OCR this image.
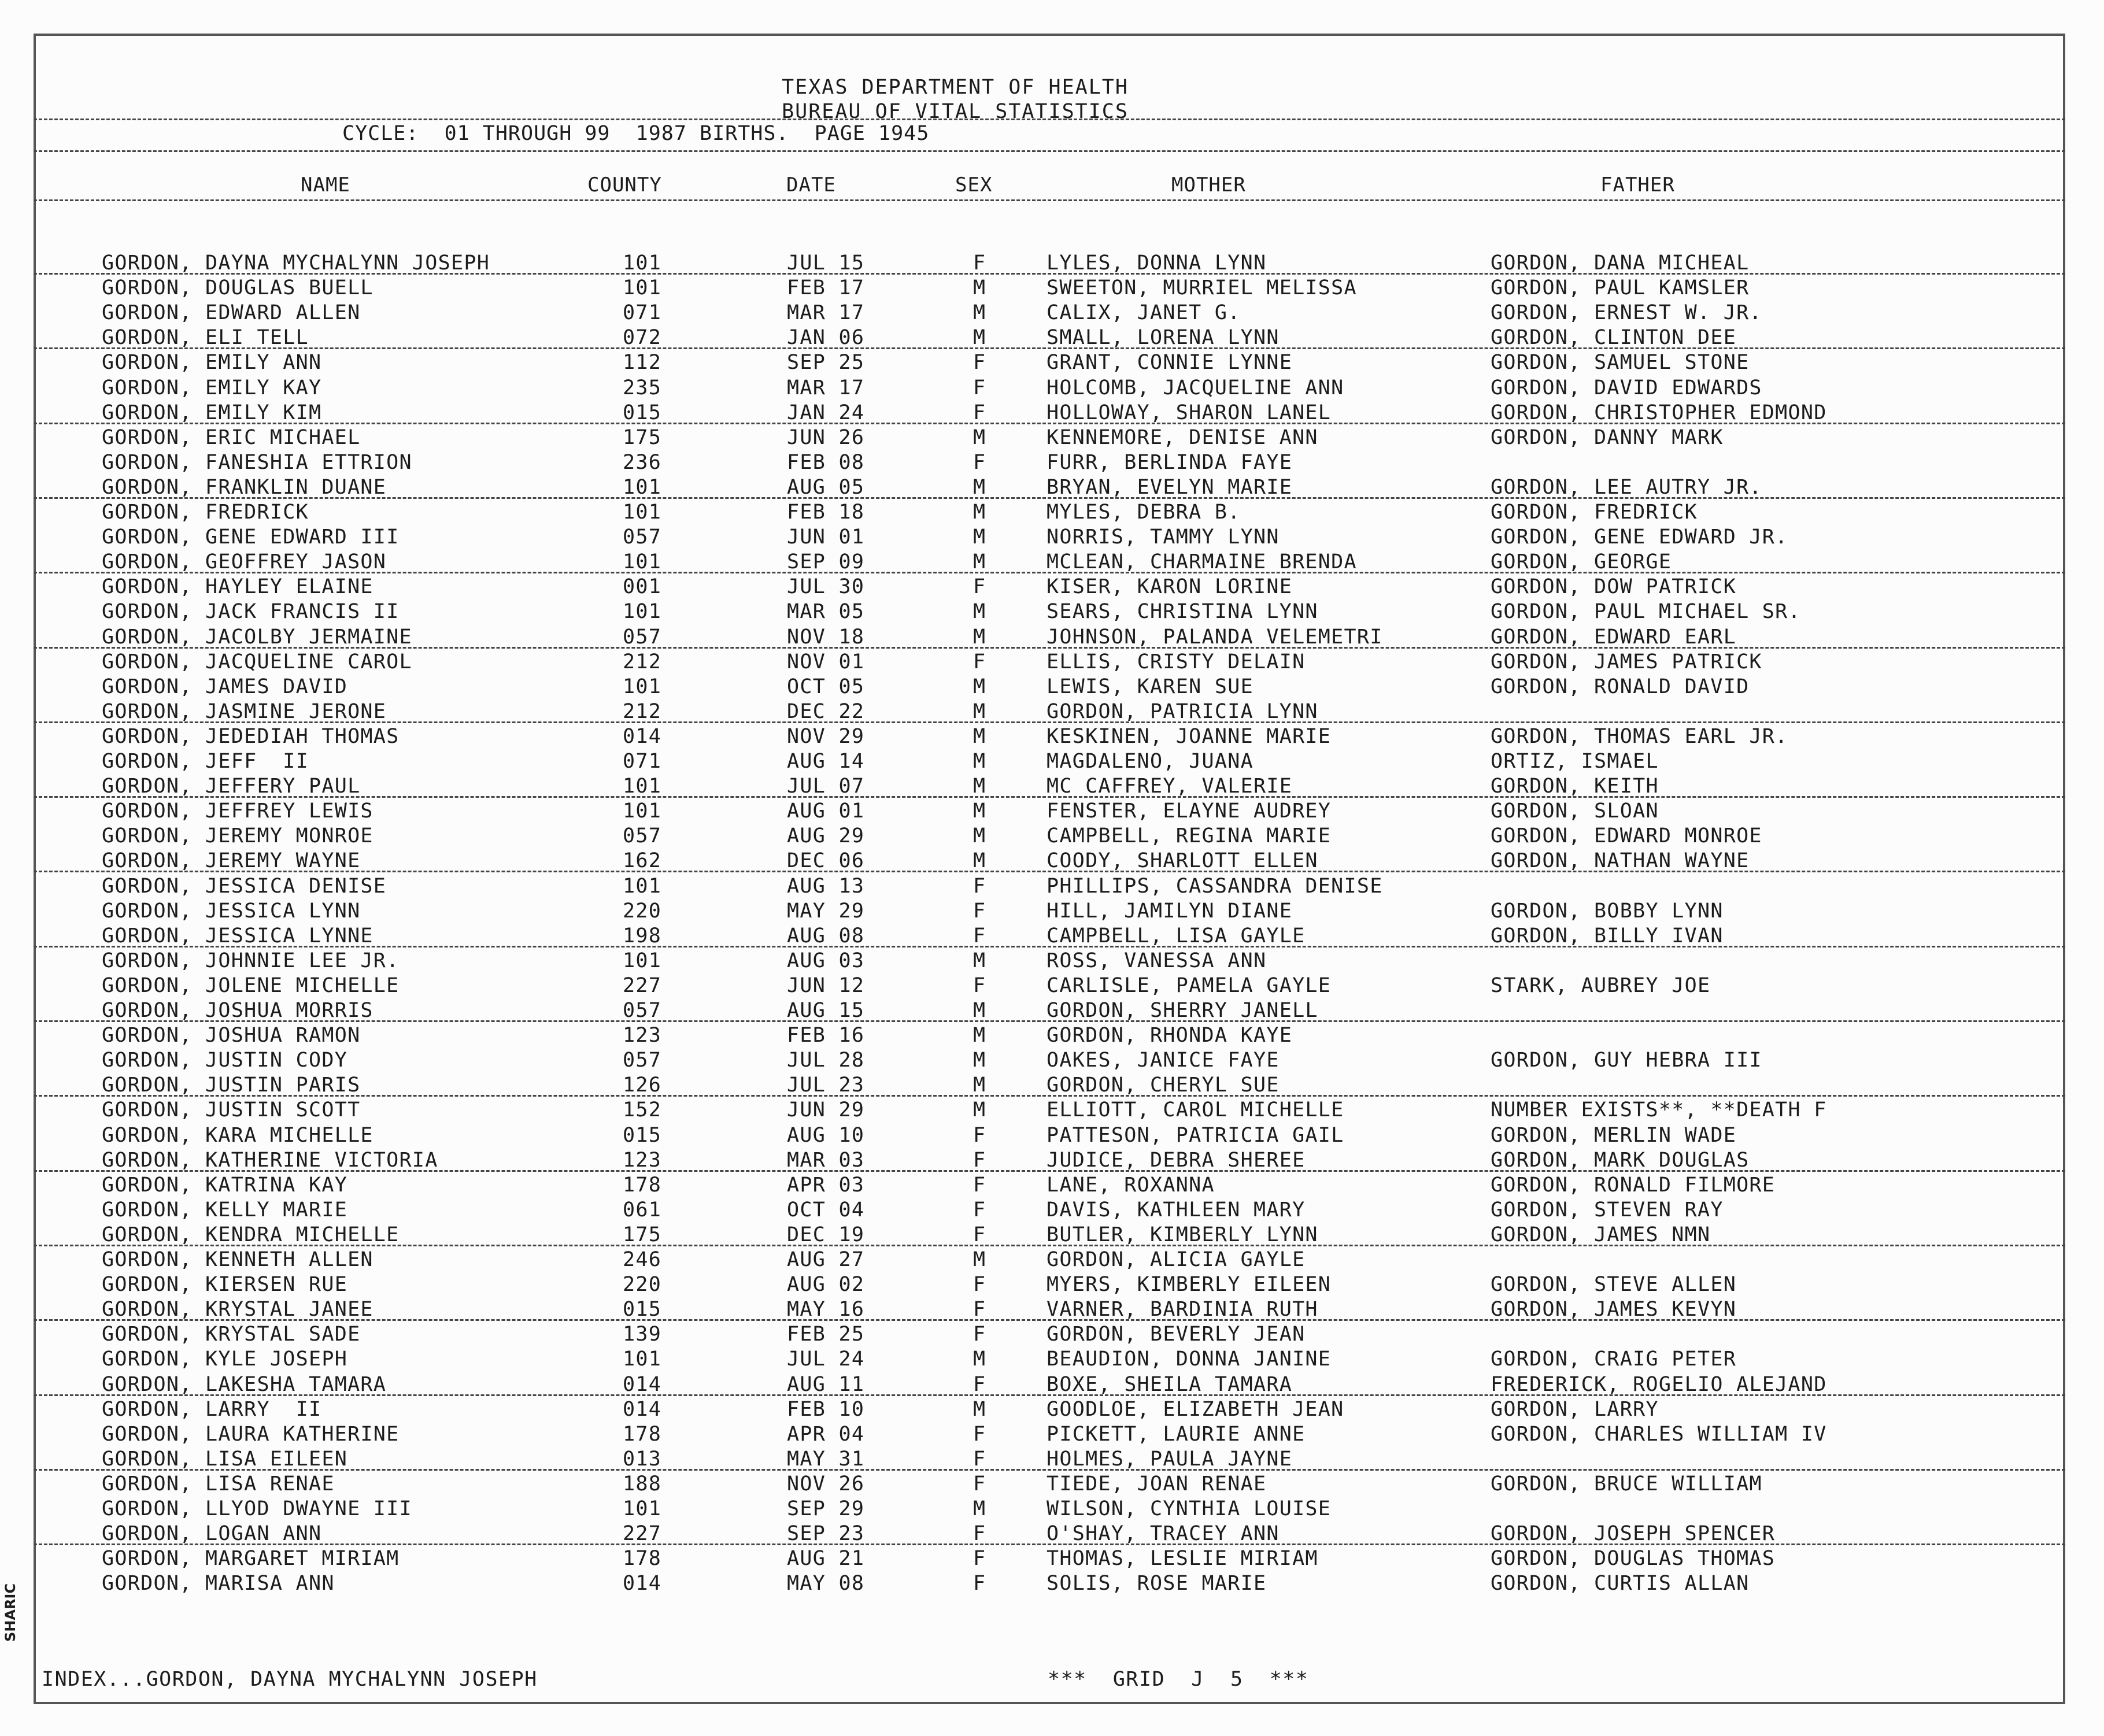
TEXAS DEPARTMENT OF HEALTH
BUREAU OF VITAL STATISTICS
CYCLE:  01 THROUGH 99  1987 BIRTHS.  PAGE 1945
NAME	COUNTY	DATE	SEX	MOTHER	FATHER
GORDON, DAYNA MYCHALYNN JOSEPH	101	JUL 15	F	LYLES, DONNA LYNN	GORDON, DANA MICHEAL
GORDON, DOUGLAS BUELL	101	FEB 17	M	SWEETON, MURRIEL MELISSA	GORDON, PAUL KAMSLER
GORDON, EDWARD ALLEN	071	MAR 17	M	CALIX, JANET G.	GORDON, ERNEST W. JR.
GORDON, ELI TELL	072	JAN 06	M	SMALL, LORENA LYNN	GORDON, CLINTON DEE
GORDON, EMILY ANN	112	SEP 25	F	GRANT, CONNIE LYNNE	GORDON, SAMUEL STONE
GORDON, EMILY KAY	235	MAR 17	F	HOLCOMB, JACQUELINE ANN	GORDON, DAVID EDWARDS
GORDON, EMILY KIM	015	JAN 24	F	HOLLOWAY, SHARON LANEL	GORDON, CHRISTOPHER EDMOND
GORDON, ERIC MICHAEL	175	JUN 26	M	KENNEMORE, DENISE ANN	GORDON, DANNY MARK
GORDON, FANESHIA ETTRION	236	FEB 08	F	FURR, BERLINDA FAYE
GORDON, FRANKLIN DUANE	101	AUG 05	M	BRYAN, EVELYN MARIE	GORDON, LEE AUTRY JR.
GORDON, FREDRICK	101	FEB 18	M	MYLES, DEBRA B.	GORDON, FREDRICK
GORDON, GENE EDWARD III	057	JUN 01	M	NORRIS, TAMMY LYNN	GORDON, GENE EDWARD JR.
GORDON, GEOFFREY JASON	101	SEP 09	M	MCLEAN, CHARMAINE BRENDA	GORDON, GEORGE
GORDON, HAYLEY ELAINE	001	JUL 30	F	KISER, KARON LORINE	GORDON, DOW PATRICK
GORDON, JACK FRANCIS II	101	MAR 05	M	SEARS, CHRISTINA LYNN	GORDON, PAUL MICHAEL SR.
GORDON, JACOLBY JERMAINE	057	NOV 18	M	JOHNSON, PALANDA VELEMETRI	GORDON, EDWARD EARL
GORDON, JACQUELINE CAROL	212	NOV 01	F	ELLIS, CRISTY DELAIN	GORDON, JAMES PATRICK
GORDON, JAMES DAVID	101	OCT 05	M	LEWIS, KAREN SUE	GORDON, RONALD DAVID
GORDON, JASMINE JERONE	212	DEC 22	M	GORDON, PATRICIA LYNN
GORDON, JEDEDIAH THOMAS	014	NOV 29	M	KESKINEN, JOANNE MARIE	GORDON, THOMAS EARL JR.
GORDON, JEFF  II	071	AUG 14	M	MAGDALENO, JUANA	ORTIZ, ISMAEL
GORDON, JEFFERY PAUL	101	JUL 07	M	MC CAFFREY, VALERIE	GORDON, KEITH
GORDON, JEFFREY LEWIS	101	AUG 01	M	FENSTER, ELAYNE AUDREY	GORDON, SLOAN
GORDON, JEREMY MONROE	057	AUG 29	M	CAMPBELL, REGINA MARIE	GORDON, EDWARD MONROE
GORDON, JEREMY WAYNE	162	DEC 06	M	COODY, SHARLOTT ELLEN	GORDON, NATHAN WAYNE
GORDON, JESSICA DENISE	101	AUG 13	F	PHILLIPS, CASSANDRA DENISE
GORDON, JESSICA LYNN	220	MAY 29	F	HILL, JAMILYN DIANE	GORDON, BOBBY LYNN
GORDON, JESSICA LYNNE	198	AUG 08	F	CAMPBELL, LISA GAYLE	GORDON, BILLY IVAN
GORDON, JOHNNIE LEE JR.	101	AUG 03	M	ROSS, VANESSA ANN
GORDON, JOLENE MICHELLE	227	JUN 12	F	CARLISLE, PAMELA GAYLE	STARK, AUBREY JOE
GORDON, JOSHUA MORRIS	057	AUG 15	M	GORDON, SHERRY JANELL
GORDON, JOSHUA RAMON	123	FEB 16	M	GORDON, RHONDA KAYE
GORDON, JUSTIN CODY	057	JUL 28	M	OAKES, JANICE FAYE	GORDON, GUY HEBRA III
GORDON, JUSTIN PARIS	126	JUL 23	M	GORDON, CHERYL SUE
GORDON, JUSTIN SCOTT	152	JUN 29	M	ELLIOTT, CAROL MICHELLE	NUMBER EXISTS**, **DEATH F
GORDON, KARA MICHELLE	015	AUG 10	F	PATTESON, PATRICIA GAIL	GORDON, MERLIN WADE
GORDON, KATHERINE VICTORIA	123	MAR 03	F	JUDICE, DEBRA SHEREE	GORDON, MARK DOUGLAS
GORDON, KATRINA KAY	178	APR 03	F	LANE, ROXANNA	GORDON, RONALD FILMORE
GORDON, KELLY MARIE	061	OCT 04	F	DAVIS, KATHLEEN MARY	GORDON, STEVEN RAY
GORDON, KENDRA MICHELLE	175	DEC 19	F	BUTLER, KIMBERLY LYNN	GORDON, JAMES NMN
GORDON, KENNETH ALLEN	246	AUG 27	M	GORDON, ALICIA GAYLE
GORDON, KIERSEN RUE	220	AUG 02	F	MYERS, KIMBERLY EILEEN	GORDON, STEVE ALLEN
GORDON, KRYSTAL JANEE	015	MAY 16	F	VARNER, BARDINIA RUTH	GORDON, JAMES KEVYN
GORDON, KRYSTAL SADE	139	FEB 25	F	GORDON, BEVERLY JEAN
GORDON, KYLE JOSEPH	101	JUL 24	M	BEAUDION, DONNA JANINE	GORDON, CRAIG PETER
GORDON, LAKESHA TAMARA	014	AUG 11	F	BOXE, SHEILA TAMARA	FREDERICK, ROGELIO ALEJAND
GORDON, LARRY  II	014	FEB 10	M	GOODLOE, ELIZABETH JEAN	GORDON, LARRY
GORDON, LAURA KATHERINE	178	APR 04	F	PICKETT, LAURIE ANNE	GORDON, CHARLES WILLIAM IV
GORDON, LISA EILEEN	013	MAY 31	F	HOLMES, PAULA JAYNE
GORDON, LISA RENAE	188	NOV 26	F	TIEDE, JOAN RENAE	GORDON, BRUCE WILLIAM
GORDON, LLYOD DWAYNE III	101	SEP 29	M	WILSON, CYNTHIA LOUISE
GORDON, LOGAN ANN	227	SEP 23	F	O'SHAY, TRACEY ANN	GORDON, JOSEPH SPENCER
GORDON, MARGARET MIRIAM	178	AUG 21	F	THOMAS, LESLIE MIRIAM	GORDON, DOUGLAS THOMAS
GORDON, MARISA ANN	014	MAY 08	F	SOLIS, ROSE MARIE	GORDON, CURTIS ALLAN
INDEX...GORDON, DAYNA MYCHALYNN JOSEPH	***  GRID  J  5  ***
SHARIC
